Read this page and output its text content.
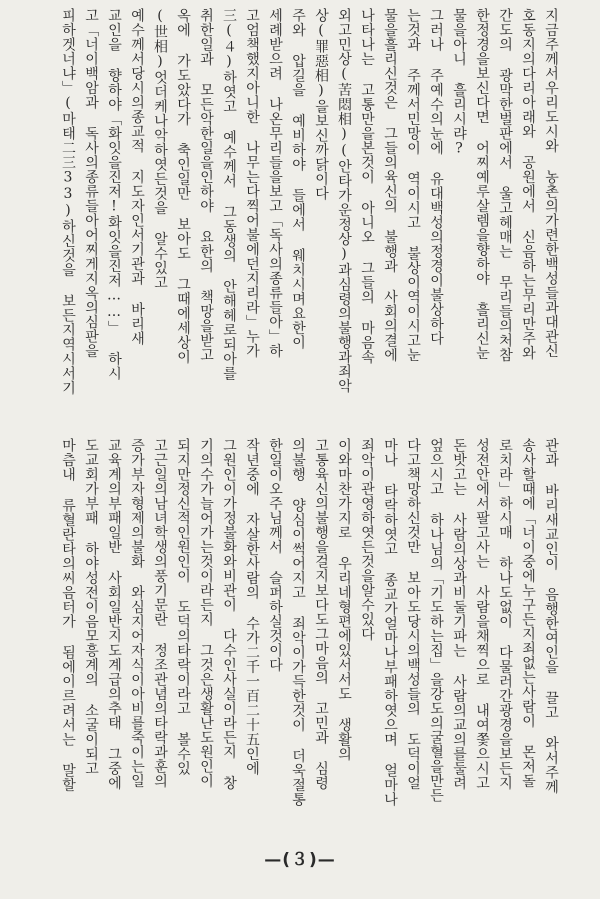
지금주께서우리도시와 농촌의가련한백성들과대관신
호동지의다리아래와 공원에서 신음하는무리만주와
간도의 광막한벌판에서 울고헤매는 무리들의처참
한정경을보신다면 어찌예루살렘을향하야 흘리신눈
물을아니 흘리시랴?
그러나 주예수의눈에 유대백성의정경이불상하다
는것과 주께서민망이 역이시고 불상이역이시고눈
물을흘리신것은 그들의육신의 불행과 사회의결에
나타나는 고통만을본것이 아니오 그들의 마음속
외고민상(苦悶相)(안타가운정상)과심령의불행과죄악
상(罪惡相)을보신까닭이다
주와 압길을 예비하야 들에서 웨치시며요한이
세례받으려 나온무리들을보고「독사의종류들아」하
고엄책했지아니한 나무는다찍어불에던지리라」누가
三(４)하엿고 예수께서 그동생의 안해헤로되아를
취한일과 모든악한일을인하야 요한의 책망을받고
옥에 가도았다가 축인일만 보아도 그때에세상이
(世相)엇더케나악하엿든것을 알수있고
예수께서당시의종교적 지도자인서기관과 바리새
교인을 향하야「화잇을진저!화잇을진저……」 하시
고「너이백암과 독사의종류들아어찌게지옥의심판을
피하겟너냐」(마태二三33)하신것을 보든지역시서기
관과 바리새교인이 음행한여인을 끌고 와서주께
송사할때에「너이중에누구든지죄없는사람이 몬저돌
로치라」하시매 하나도없이 다물러간광경을보든지
성전안에서팔고사는 사람을채찍으로 내여쫓으시고
돈밧고는 사람의상과비둘기파는 사람의교의를둘려
엎으시고 하나님의「기도하는집」을강도의굴혈을만든
다고책망하신것만 보아도당시의백성들의 도덕이얼
마나 타락하엿고 종교가얼마나부패하엿으며 얼마나
죄악이관영하엿든것을알수있다
이와마찬가지로 우리네형편에있서서도 생활의
고통육신의불행을걸지보다도그마음의 고민과 심령
의불행 양심이썩어지고 죄악이가득한것이 더욱절통
한일이오주님께서 슬퍼하실것이다
작년중에 자살한사람의 수가二千一百二十五인에
그원인이가정불화와비관이 다수인사실이라든지 창
기의수가늘어가는것이라든지 그것은생활난도원인이
되지만정신적인원인이 도덕의타락이라고 볼수있
고근일의남녀학생의풍기문란 정조관념의타락과훈의
증가부자형제의불화 와심지어자식이아비를죽이는일
교육계의부패일반 사회일반지도계급의추태 그중에
도교회가부패 하야성전이음모흥계의 소굴이되고
마츰내 류혈란타의씨음터가 됨에이르려서는 말할
—(３)—
